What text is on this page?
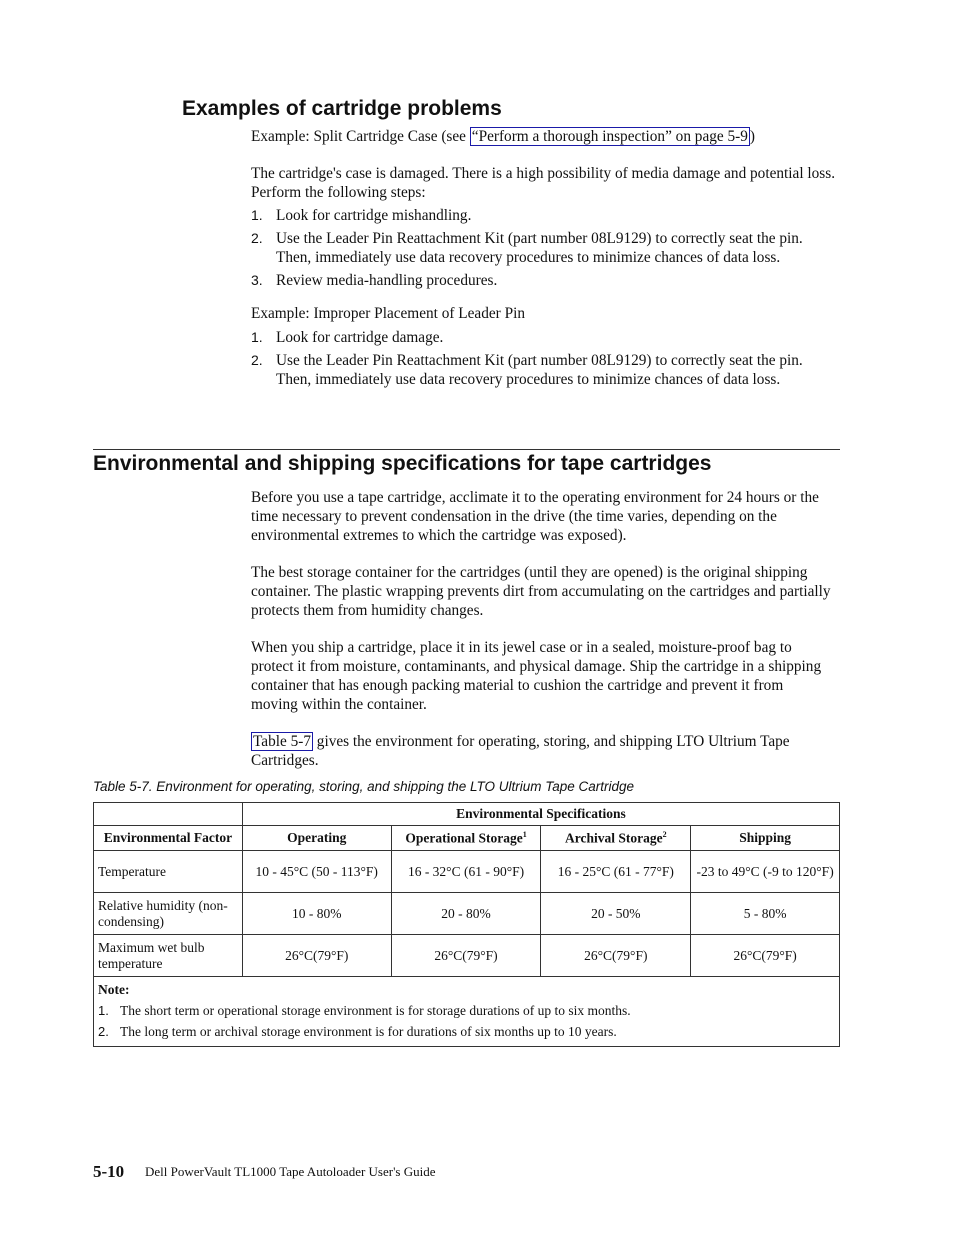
Examples of cartridge problems

Example: Split Cartridge Case (see “Perform a thorough inspection” on page 5-9 )

The cartridge's case is damaged. There is a high possibility of media damage and potential loss. Perform the following steps:

1. Look for cartridge mishandling.
2. Use the Leader Pin Reattachment Kit (part number 08L9129) to correctly seat the pin. Then, immediately use data recovery procedures to minimize chances of data loss.
3. Review media-handling procedures.

Example: Improper Placement of Leader Pin

1. Look for cartridge damage.
2. Use the Leader Pin Reattachment Kit (part number 08L9129) to correctly seat the pin. Then, immediately use data recovery procedures to minimize chances of data loss.
Environmental and shipping specifications for tape cartridges

Before you use a tape cartridge, acclimate it to the operating environment for 24 hours or the time necessary to prevent condensation in the drive (the time varies, depending on the environmental extremes to which the cartridge was exposed).

The best storage container for the cartridges (until they are opened) is the original shipping container. The plastic wrapping prevents dirt from accumulating on the cartridges and partially protects them from humidity changes.

When you ship a cartridge, place it in its jewel case or in a sealed, moisture-proof bag to protect it from moisture, contaminants, and physical damage. Ship the cartridge in a shipping container that has enough packing material to cushion the cartridge and prevent it from moving within the container.

Table 5-7 gives the environment for operating, storing, and shipping LTO Ultrium Tape Cartridges.

Table 5-7. Environment for operating, storing, and shipping the LTO Ultrium Tape Cartridge
	Environmental Specifications			
Environmental Factor	Operating	Operational Storage$^1$	Archival Storage$^2$	Shipping
Temperature	10 - 45°C (50 - 113°F)	16 - 32°C (61 - 90°F)	16 - 25°C (61 - 77°F)	-23 to 49°C (-9 to 120°F)
Relative humidity (non-condensing)	10 - 80%	20 - 80%	20 - 50%	5 - 80%
Maximum wet bulb temperature	26°C(79°F)	26°C(79°F)	26°C(79°F)	26°C(79°F)

Note:
1. The short term or operational storage environment is for storage durations of up to six months.
2. The long term or archival storage environment is for durations of six months up to 10 years.				
5-10 Dell PowerVault TL1000 Tape Autoloader User's Guide
